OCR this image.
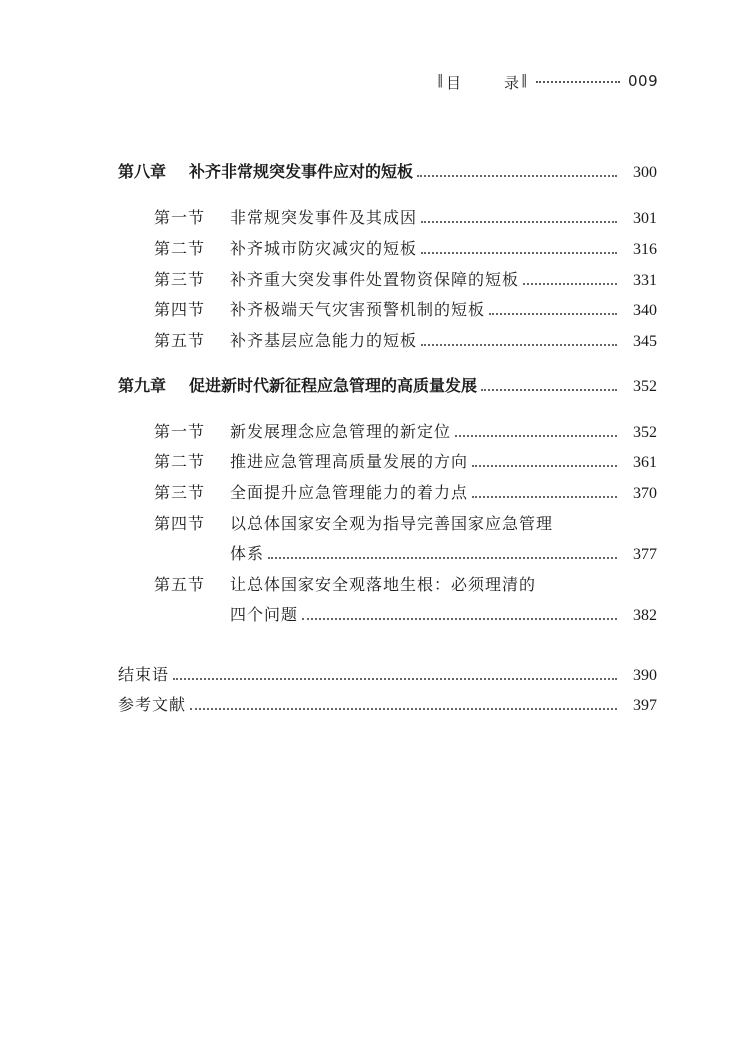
‖ 目	录 ‖	009
第八章 补齐非常规突发事件应对的短板	300
第一节 非常规突发事件及其成因	301
第二节 补齐城市防灾减灾的短板	316
第三节 补齐重大突发事件处置物资保障的短板	331
第四节 补齐极端天气灾害预警机制的短板	340
第五节 补齐基层应急能力的短板	345
第九章 促进新时代新征程应急管理的高质量发展	352
第一节 新发展理念应急管理的新定位	352
第二节 推进应急管理高质量发展的方向	361
第三节 全面提升应急管理能力的着力点	370
第四节 以总体国家安全观为指导完善国家应急管理
体系	377
第五节 让总体国家安全观落地生根：必须理清的
四个问题	382
结束语	390
参考文献	397
